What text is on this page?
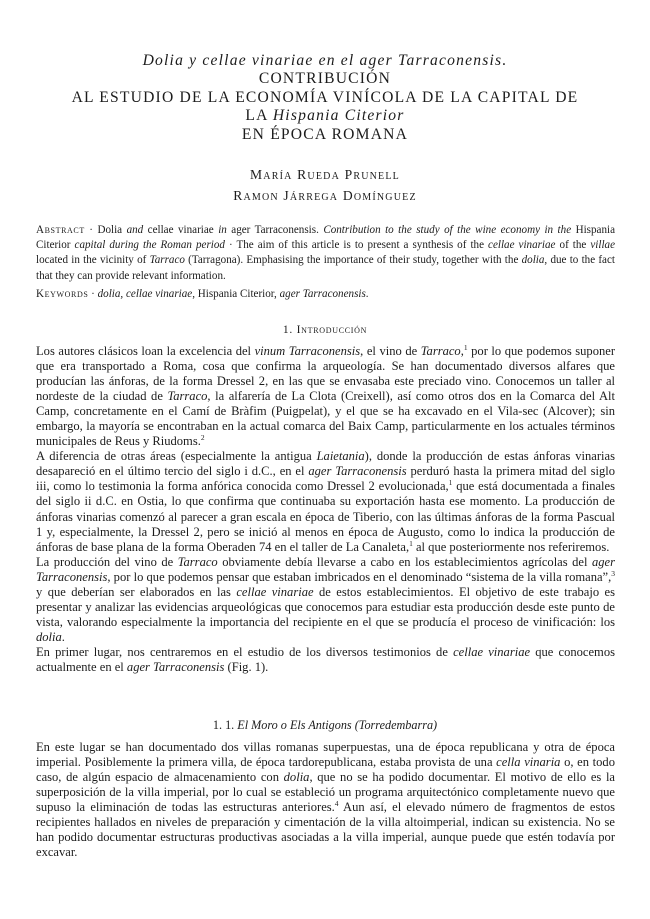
Dolia y cellae vinariae en el ager Tarraconensis.

CONTRIBUCIÓN

AL ESTUDIO DE LA ECONOMÍA VINÍCOLA DE LA CAPITAL DE

LA Hispania Citerior

EN ÉPOCA ROMANA

María Rueda Prunell
Ramon Járrega Domínguez
Abstract · Dolia and cellae vinariae in ager Tarraconensis. Contribution to the study of the wine economy in the Hispania Citerior capital during the Roman period · The aim of this article is to present a synthesis of the cellae vinariae of the villae located in the vicinity of Tarraco (Tarragona). Emphasising the importance of their study, together with the dolia, due to the fact that they can provide relevant information.
Keywords · dolia, cellae vinariae, Hispania Citerior, ager Tarraconensis.
1. Introducción

Los autores clásicos loan la excelencia del vinum Tarraconensis, el vino de Tarraco,$^1$ por lo que podemos suponer que era transportado a Roma, cosa que confirma la arqueología. Se han documentado diversos alfares que producían las ánforas, de la forma Dressel 2, en las que se envasaba este preciado vino. Conocemos un taller al nordeste de la ciudad de Tarraco, la alfarería de La Clota (Creixell), así como otros dos en la Comarca del Alt Camp, concretamente en el Camí de Bràfim (Puigpelat), y el que se ha excavado en el Vila-sec (Alcover); sin embargo, la mayoría se encontraban en la actual comarca del Baix Camp, particularmente en los actuales términos municipales de Reus y Riudoms.$^2$

A diferencia de otras áreas (especialmente la antigua Laietania), donde la producción de estas ánforas vinarias desapareció en el último tercio del siglo i d.C., en el ager Tarraconensis perduró hasta la primera mitad del siglo iii, como lo testimonia la forma anfórica conocida como Dressel 2 evolucionada,$^1$ que está documentada a finales del siglo ii d.C. en Ostia, lo que confirma que continuaba su exportación hasta ese momento. La producción de ánforas vinarias comenzó al parecer a gran escala en época de Tiberio, con las últimas ánforas de la forma Pascual 1 y, especialmente, la Dressel 2, pero se inició al menos en época de Augusto, como lo indica la producción de ánforas de base plana de la forma Oberaden 74 en el taller de La Canaleta,$^1$ al que posteriormente nos referiremos.

La producción del vino de Tarraco obviamente debía llevarse a cabo en los establecimientos agrícolas del ager Tarraconensis, por lo que podemos pensar que estaban imbricados en el denominado “sistema de la villa romana”,$^3$ y que deberían ser elaborados en las cellae vinariae de estos establecimientos. El objetivo de este trabajo es presentar y analizar las evidencias arqueológicas que conocemos para estudiar esta producción desde este punto de vista, valorando especialmente la importancia del recipiente en el que se producía el proceso de vinificación: los dolia.

En primer lugar, nos centraremos en el estudio de los diversos testimonios de cellae vinariae que conocemos actualmente en el ager Tarraconensis (Fig. 1).

1. 1. El Moro o Els Antigons (Torredembarra)

En este lugar se han documentado dos villas romanas superpuestas, una de época republicana y otra de época imperial. Posiblemente la primera villa, de época tardorepublicana, estaba provista de una cella vinaria o, en todo caso, de algún espacio de almacenamiento con dolia, que no se ha podido documentar. El motivo de ello es la superposición de la villa imperial, por lo cual se estableció un programa arquitectónico completamente nuevo que supuso la eliminación de todas las estructuras anteriores.$^4$ Aun así, el elevado número de fragmentos de estos recipientes hallados en niveles de preparación y cimentación de la villa altoimperial, indican su existencia. No se han podido documentar estructuras productivas asociadas a la villa imperial, aunque puede que estén todavía por excavar.
